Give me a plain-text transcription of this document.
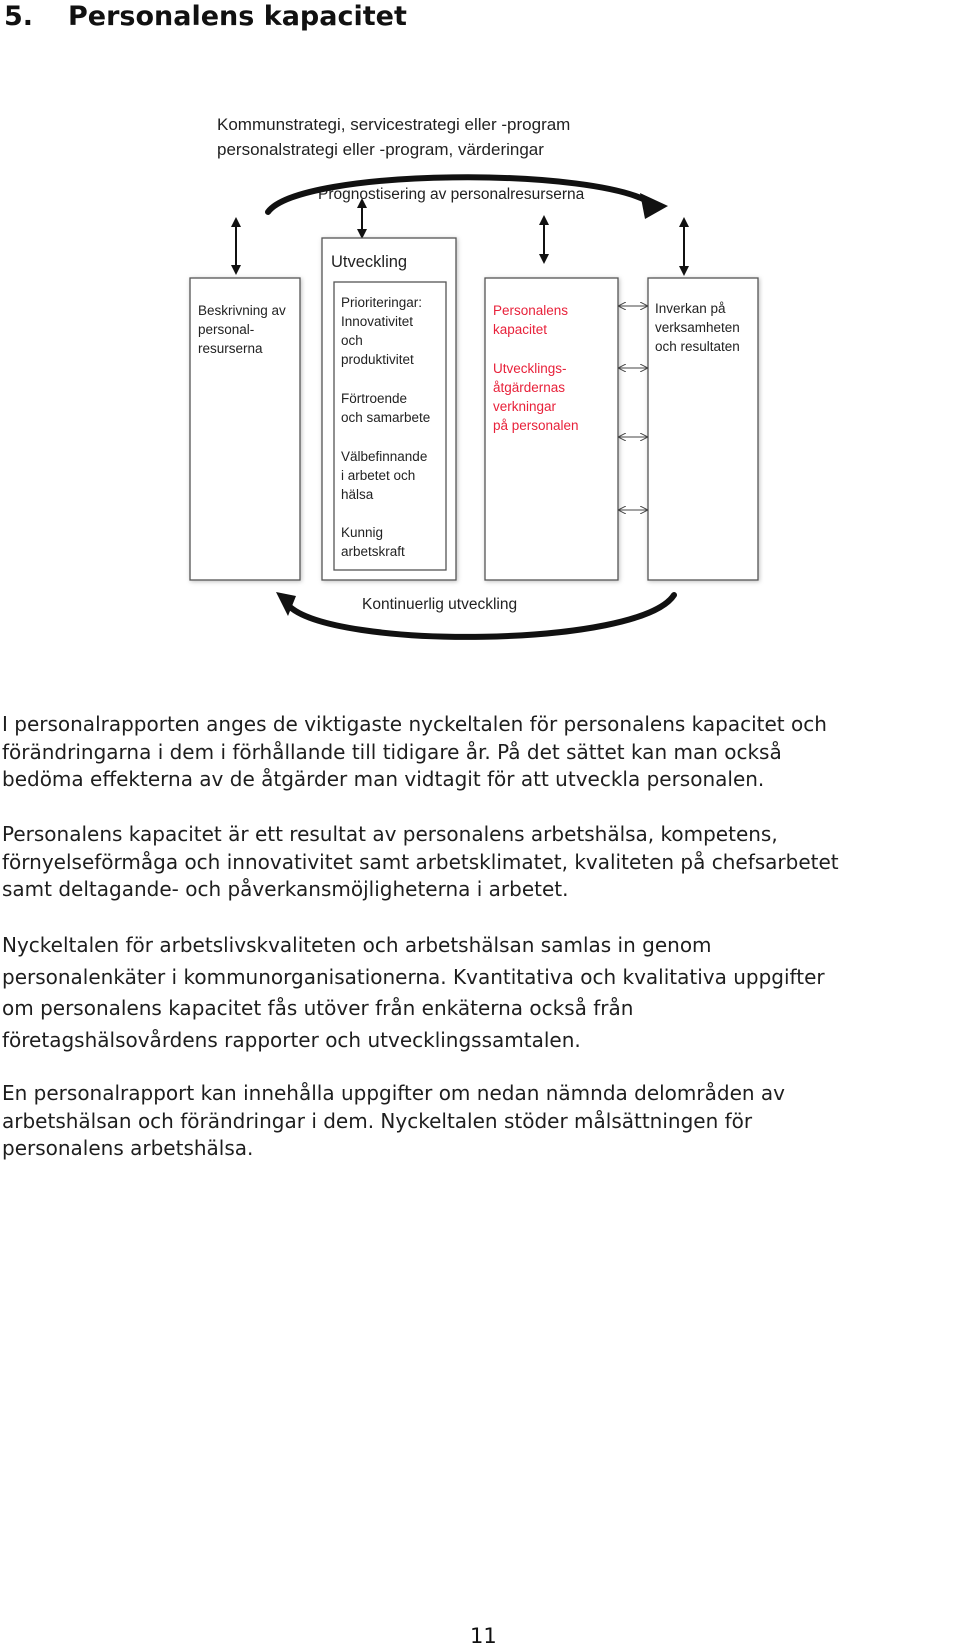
5. Personalens kapacitet
Kommunstrategi, servicestrategi eller -program
personalstrategi eller -program, värderingar
Prognostisering av personalresurserna
Kontinuerlig utveckling
Beskrivning av
personal-
resurserna
Utveckling
Prioriteringar:
Innovativitet
och
produktivitet
Förtroende
och samarbete
Välbefinnande
i arbetet och
hälsa
Kunnig
arbetskraft
Personalens
kapacitet
Utvecklings-
åtgärdernas
verkningar
på personalen
Inverkan på
verksamheten
och resultaten

I personalrapporten anges de viktigaste nyckeltalen för personalens kapacitet och
förändringarna i dem i förhållande till tidigare år. På det sättet kan man också
bedöma effekterna av de åtgärder man vidtagit för att utveckla personalen.

Personalens kapacitet är ett resultat av personalens arbetshälsa, kompetens,
förnyelseförmåga och innovativitet samt arbetsklimatet, kvaliteten på chefsarbetet
samt deltagande- och påverkansmöjligheterna i arbetet.

Nyckeltalen för arbetslivskvaliteten och arbetshälsan samlas in genom
personalenkäter i kommunorganisationerna. Kvantitativa och kvalitativa uppgifter
om personalens kapacitet fås utöver från enkäterna också från
företagshälsovårdens rapporter och utvecklingssamtalen.

En personalrapport kan innehålla uppgifter om nedan nämnda delområden av
arbetshälsan och förändringar i dem. Nyckeltalen stöder målsättningen för
personalens arbetshälsa.

11
